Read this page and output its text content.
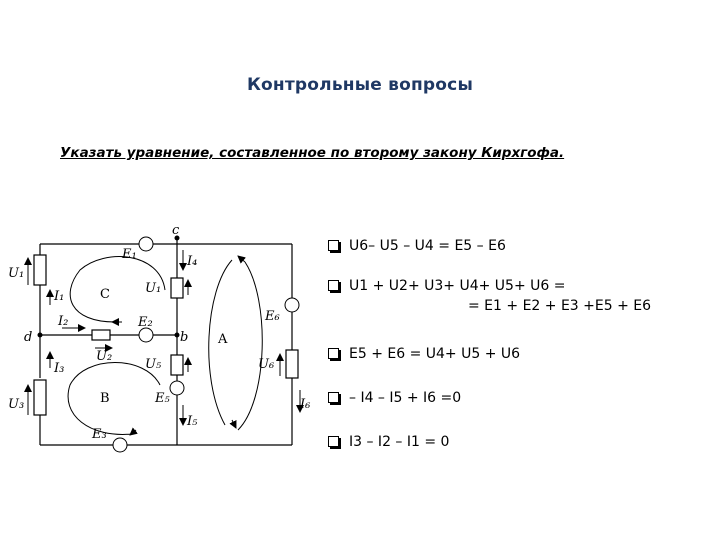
Контрольные вопросы
Указать уравнение, составленное по второму закону Кирхгофа.
c
d	b
C
A
B
U₁
U₁
U₂
U₃
U₅	U₆
I₁
I₂
I₃
I₄
I₅
I₆
E₁
E₂
E₃
E₅
E₆
U6– U5 – U4 = E5 – E6
U1 + U2+ U3+ U4+ U5+ U6 =
= E1 + E2 + E3 +E5 + E6
E5 + E6 = U4+ U5 + U6
– I4 – I5 + I6 =0
I3 – I2 – I1 = 0
